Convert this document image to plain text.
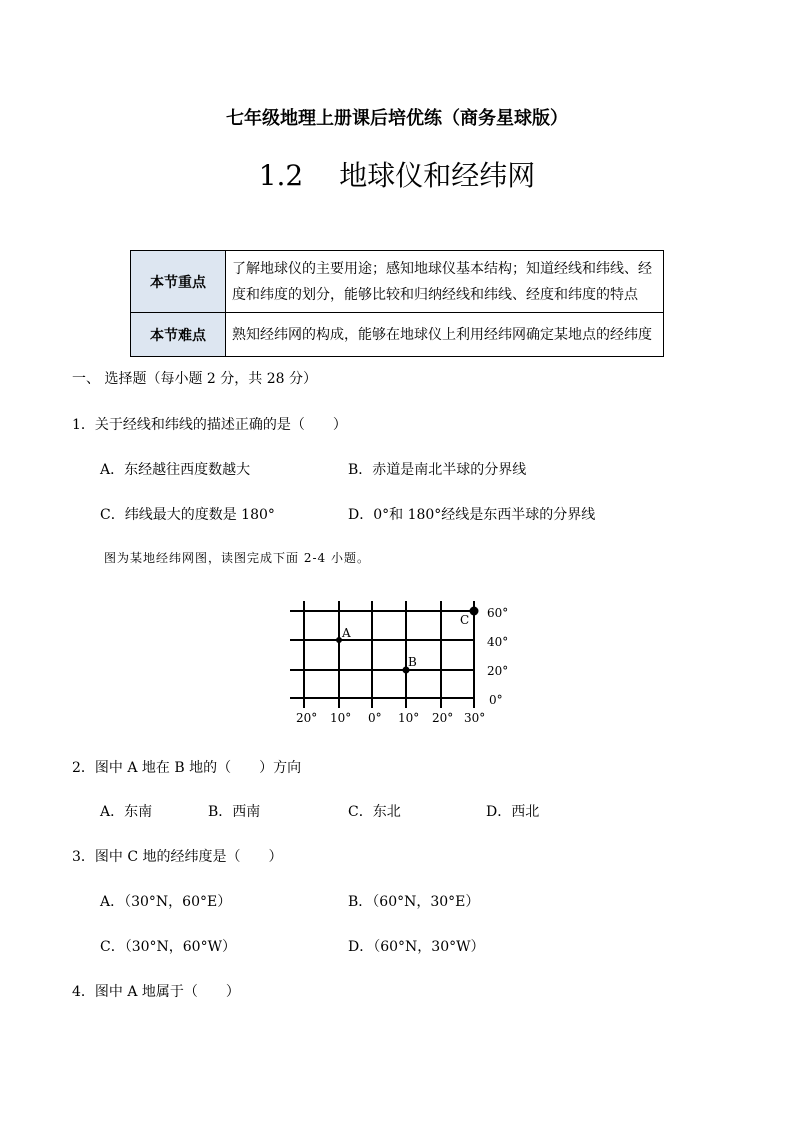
七年级地理上册课后培优练（商务星球版）
1.2 地球仪和经纬网
本节重点	了解地球仪的主要用途；感知地球仪基本结构；知道经线和纬线、经度和纬度的划分，能够比较和归纳经线和纬线、经度和纬度的特点
本节难点	熟知经纬网的构成，能够在地球仪上利用经纬网确定某地点的经纬度
一、 选择题（每小题 2 分，共 28 分）
1．关于经线和纬线的描述正确的是（　　）
A．东经越往西度数越大	B．赤道是南北半球的分界线
C．纬线最大的度数是 180°	D．0°和 180°经线是东西半球的分界线
图为某地经纬网图，读图完成下面 2-4 小题。
A
B
C 60°
40°
20°
0°
20° 10° 0° 10° 20° 30°
2．图中 A 地在 B 地的（　　）方向
A．东南	B．西南	C．东北	D．西北
3．图中 C 地的经纬度是（　　）
A．（30°N，60°E）	B．（60°N，30°E）
C．（30°N，60°W）	D．（60°N，30°W）
4．图中 A 地属于（　　）
